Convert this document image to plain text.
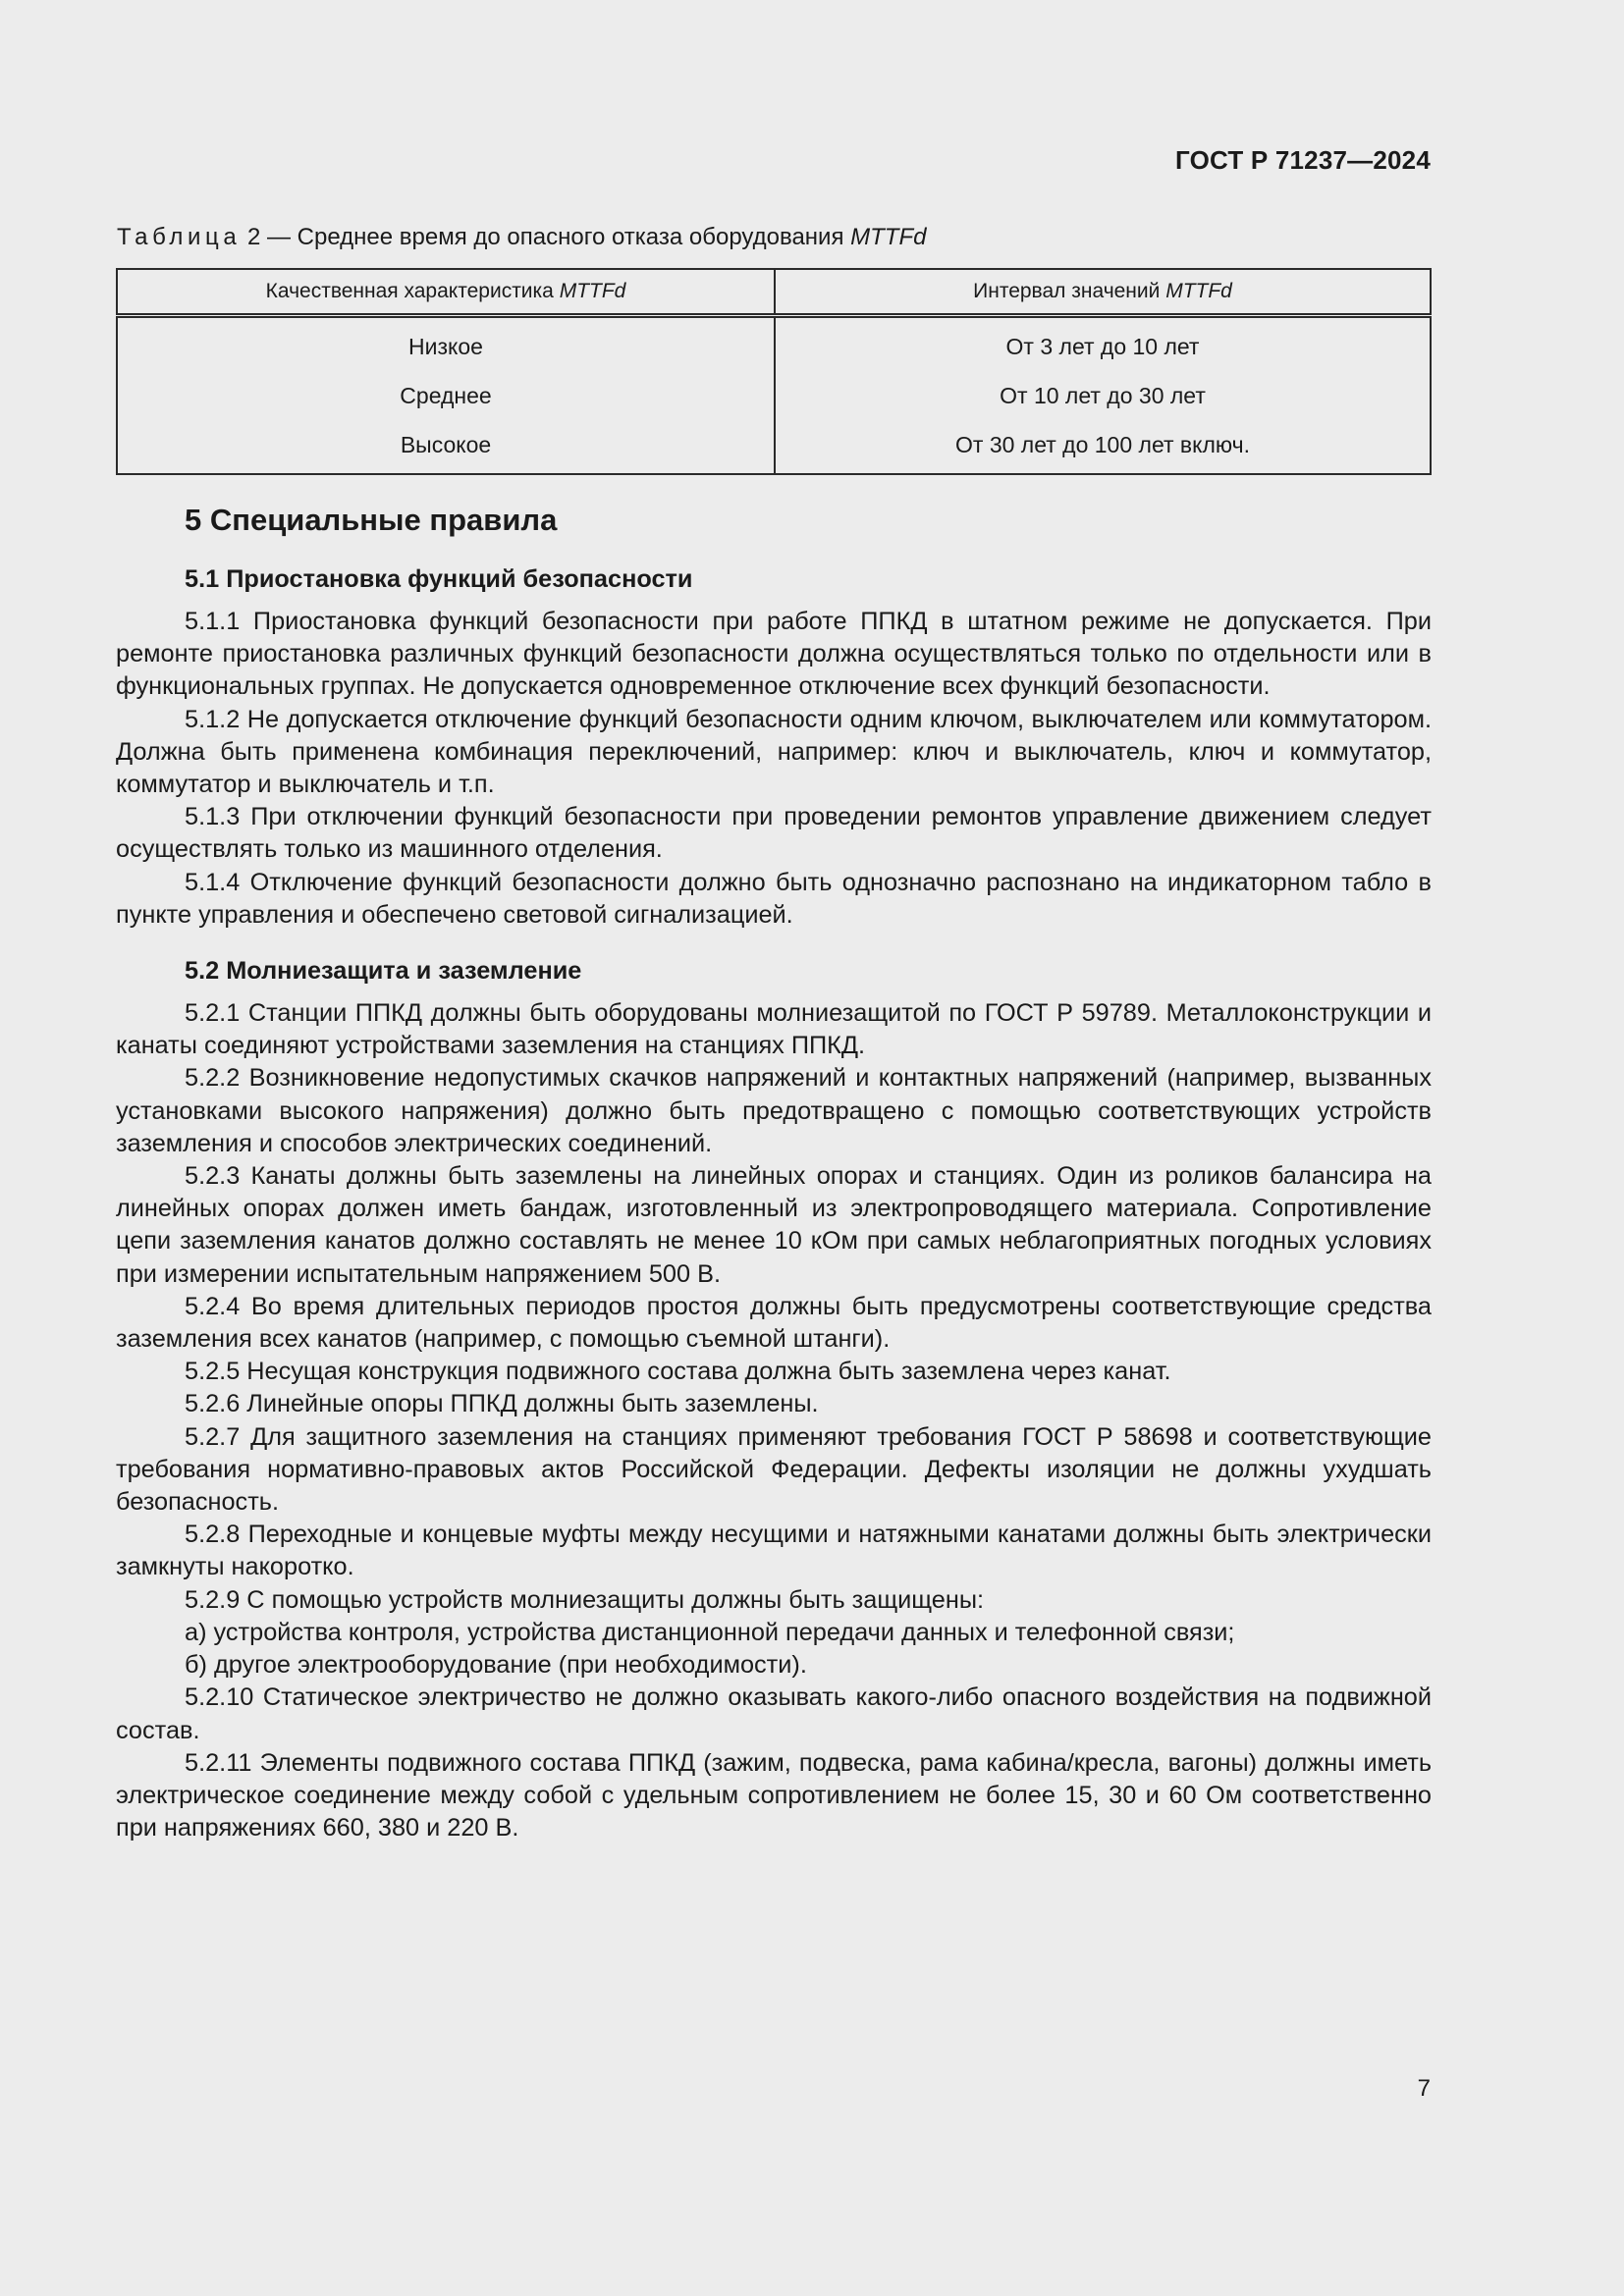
ГОСТ Р 71237—2024
Таблица 2 — Среднее время до опасного отказа оборудования MTTFd
Качественная характеристика MTTFd	Интервал значений MTTFd
Низкое	От 3 лет до 10 лет
Среднее	От 10 лет до 30 лет
Высокое	От 30 лет до 100 лет включ.
5 Специальные правила
5.1 Приостановка функций безопасности

5.1.1 Приостановка функций безопасности при работе ППКД в штатном режиме не допускается. При ремонте приостановка различных функций безопасности должна осуществляться только по отдельности или в функциональных группах. Не допускается одновременное отключение всех функций безопасности.

5.1.2 Не допускается отключение функций безопасности одним ключом, выключателем или коммутатором. Должна быть применена комбинация переключений, например: ключ и выключатель, ключ и коммутатор, коммутатор и выключатель и т.п.

5.1.3 При отключении функций безопасности при проведении ремонтов управление движением следует осуществлять только из машинного отделения.

5.1.4 Отключение функций безопасности должно быть однозначно распознано на индикаторном табло в пункте управления и обеспечено световой сигнализацией.

5.2 Молниезащита и заземление

5.2.1 Станции ППКД должны быть оборудованы молниезащитой по ГОСТ Р 59789. Металлоконструкции и канаты соединяют устройствами заземления на станциях ППКД.

5.2.2 Возникновение недопустимых скачков напряжений и контактных напряжений (например, вызванных установками высокого напряжения) должно быть предотвращено с помощью соответствующих устройств заземления и способов электрических соединений.

5.2.3 Канаты должны быть заземлены на линейных опорах и станциях. Один из роликов балансира на линейных опорах должен иметь бандаж, изготовленный из электропроводящего материала. Сопротивление цепи заземления канатов должно составлять не менее 10 кОм при самых неблагоприятных погодных условиях при измерении испытательным напряжением 500 В.

5.2.4 Во время длительных периодов простоя должны быть предусмотрены соответствующие средства заземления всех канатов (например, с помощью съемной штанги).

5.2.5 Несущая конструкция подвижного состава должна быть заземлена через канат.

5.2.6 Линейные опоры ППКД должны быть заземлены.

5.2.7 Для защитного заземления на станциях применяют требования ГОСТ Р 58698 и соответствующие требования нормативно-правовых актов Российской Федерации. Дефекты изоляции не должны ухудшать безопасность.

5.2.8 Переходные и концевые муфты между несущими и натяжными канатами должны быть электрически замкнуты накоротко.

5.2.9 С помощью устройств молниезащиты должны быть защищены:

а) устройства контроля, устройства дистанционной передачи данных и телефонной связи;

б) другое электрооборудование (при необходимости).

5.2.10 Статическое электричество не должно оказывать какого-либо опасного воздействия на подвижной состав.

5.2.11 Элементы подвижного состава ППКД (зажим, подвеска, рама кабина/кресла, вагоны) должны иметь электрическое соединение между собой с удельным сопротивлением не более 15, 30 и 60 Ом соответственно при напряжениях 660, 380 и 220 В.

7
